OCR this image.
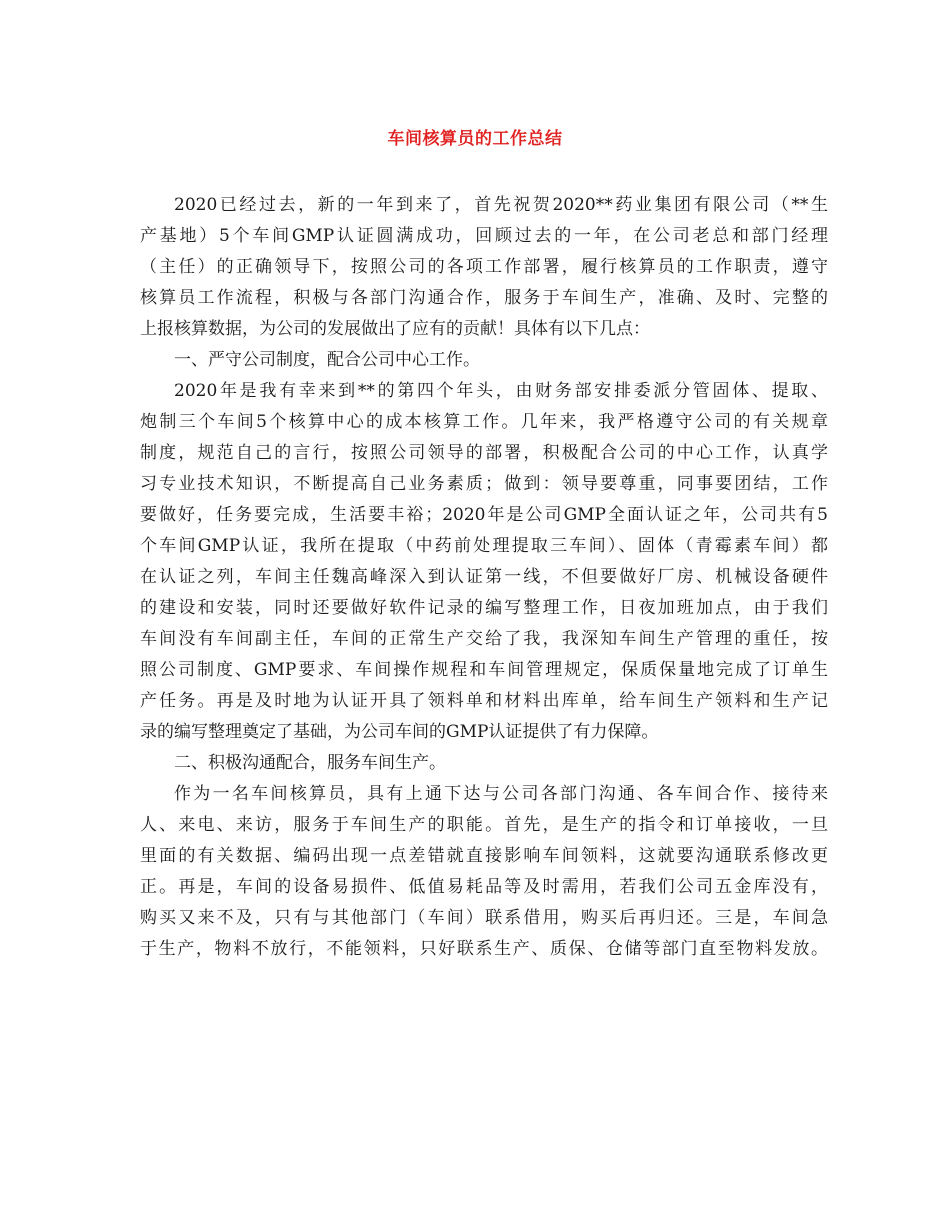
车间核算员的工作总结
2020已经过去，新的一年到来了，首先祝贺2020**药业集团有限公司（**生
产基地）5个车间GMP认证圆满成功，回顾过去的一年，在公司老总和部门经理
（主任）的正确领导下，按照公司的各项工作部署，履行核算员的工作职责，遵守
核算员工作流程，积极与各部门沟通合作，服务于车间生产，准确、及时、完整的
上报核算数据，为公司的发展做出了应有的贡献！具体有以下几点：
一、严守公司制度，配合公司中心工作。
2020年是我有幸来到**的第四个年头，由财务部安排委派分管固体、提取、
炮制三个车间5个核算中心的成本核算工作。几年来，我严格遵守公司的有关规章
制度，规范自己的言行，按照公司领导的部署，积极配合公司的中心工作，认真学
习专业技术知识，不断提高自己业务素质；做到：领导要尊重，同事要团结，工作
要做好，任务要完成，生活要丰裕；2020年是公司GMP全面认证之年，公司共有5
个车间GMP认证，我所在提取（中药前处理提取三车间）、固体（青霉素车间）都
在认证之列，车间主任魏高峰深入到认证第一线，不但要做好厂房、机械设备硬件
的建设和安装，同时还要做好软件记录的编写整理工作，日夜加班加点，由于我们
车间没有车间副主任，车间的正常生产交给了我，我深知车间生产管理的重任，按
照公司制度、GMP要求、车间操作规程和车间管理规定，保质保量地完成了订单生
产任务。再是及时地为认证开具了领料单和材料出库单，给车间生产领料和生产记
录的编写整理奠定了基础，为公司车间的GMP认证提供了有力保障。
二、积极沟通配合，服务车间生产。
作为一名车间核算员，具有上通下达与公司各部门沟通、各车间合作、接待来
人、来电、来访，服务于车间生产的职能。首先，是生产的指令和订单接收，一旦
里面的有关数据、编码出现一点差错就直接影响车间领料，这就要沟通联系修改更
正。再是，车间的设备易损件、低值易耗品等及时需用，若我们公司五金库没有，
购买又来不及，只有与其他部门（车间）联系借用，购买后再归还。三是，车间急
于生产，物料不放行，不能领料，只好联系生产、质保、仓储等部门直至物料发放。
